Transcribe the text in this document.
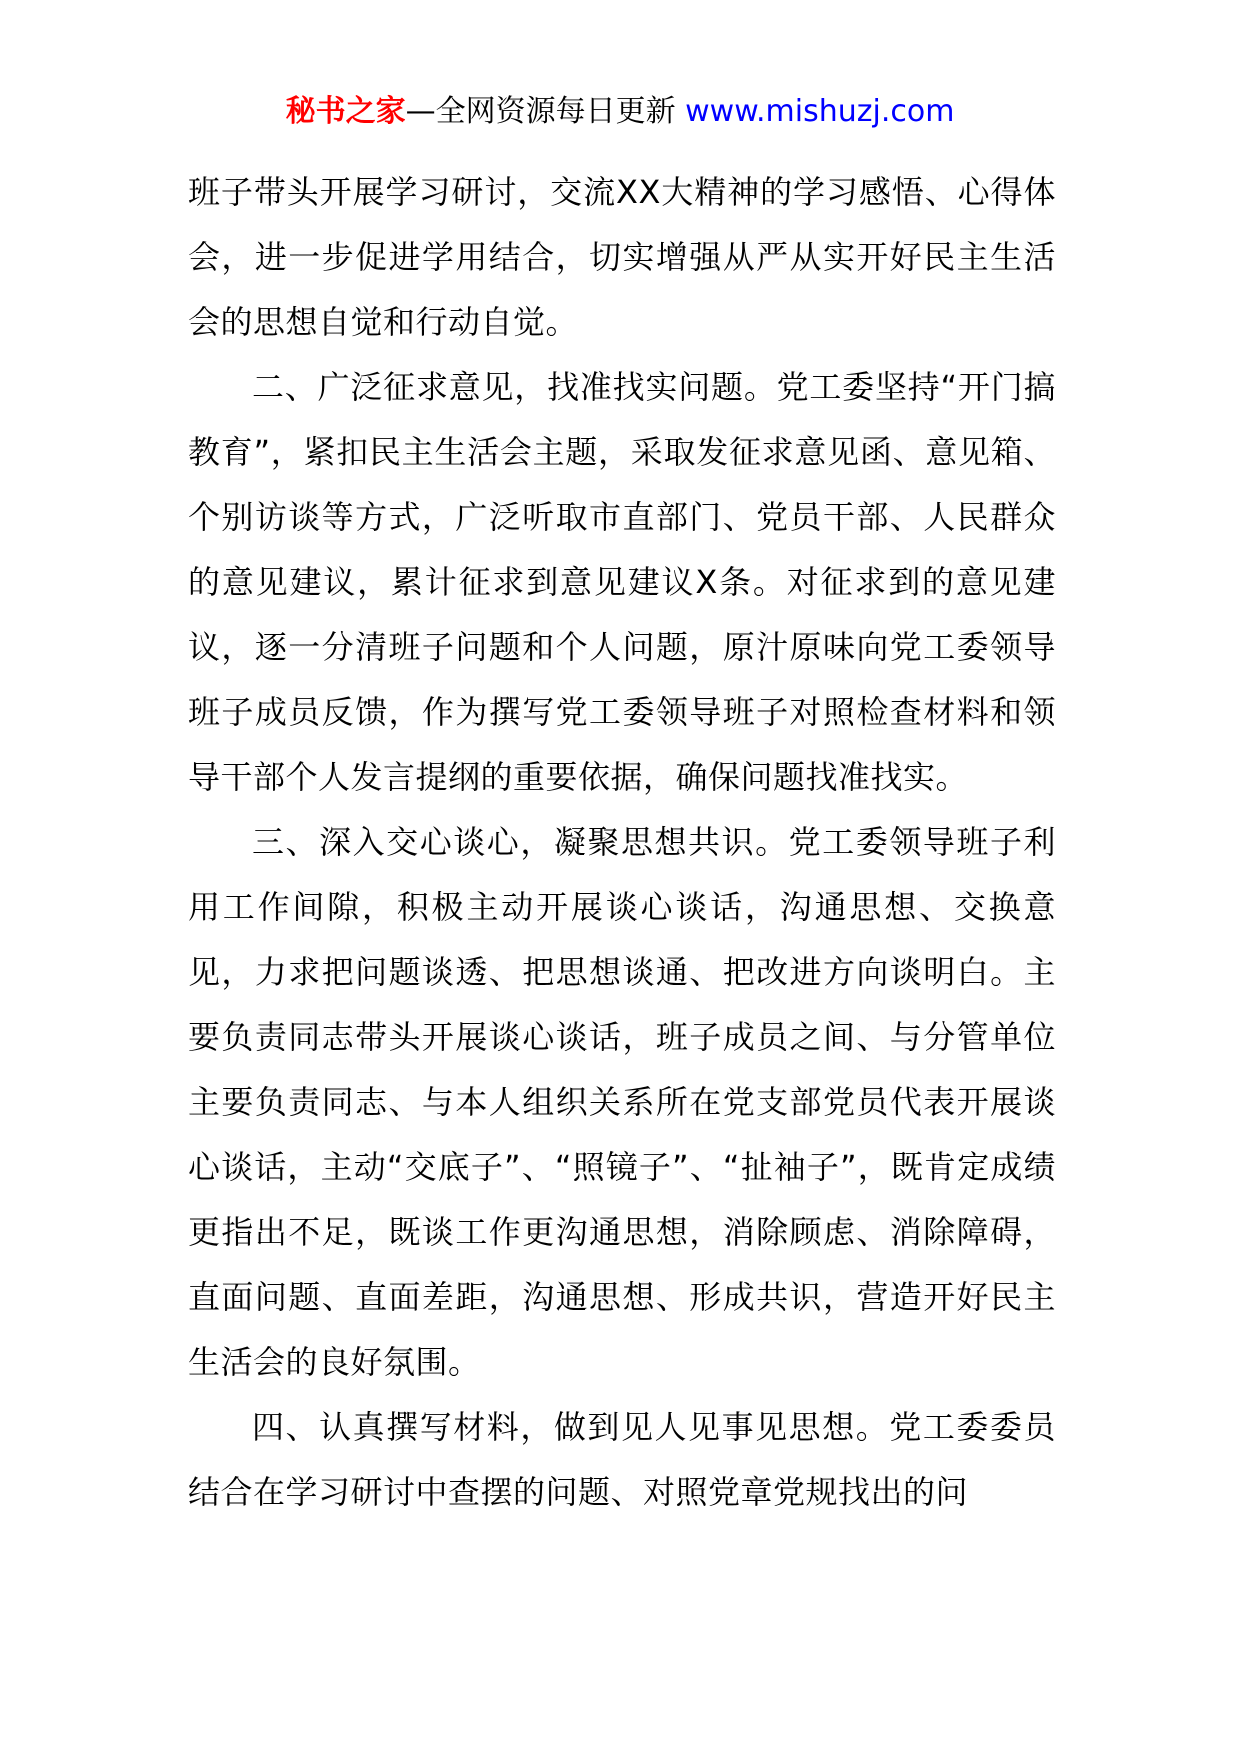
秘书之家—全网资源每日更新 www.mishuzj.com

班子带头开展学习研讨，交流XX大精神的学习感悟、心得体会，进一步促进学用结合，切实增强从严从实开好民主生活会的思想自觉和行动自觉。

二、广泛征求意见，找准找实问题。党工委坚持“开门搞教育”，紧扣民主生活会主题，采取发征求意见函、意见箱、个别访谈等方式，广泛听取市直部门、党员干部、人民群众的意见建议，累计征求到意见建议X条。对征求到的意见建议，逐一分清班子问题和个人问题，原汁原味向党工委领导班子成员反馈，作为撰写党工委领导班子对照检查材料和领导干部个人发言提纲的重要依据，确保问题找准找实。

三、深入交心谈心，凝聚思想共识。党工委领导班子利用工作间隙，积极主动开展谈心谈话，沟通思想、交换意见，力求把问题谈透、把思想谈通、把改进方向谈明白。主要负责同志带头开展谈心谈话，班子成员之间、与分管单位主要负责同志、与本人组织关系所在党支部党员代表开展谈心谈话，主动“交底子”、“照镜子”、“扯袖子”，既肯定成绩更指出不足，既谈工作更沟通思想，消除顾虑、消除障碍，直面问题、直面差距，沟通思想、形成共识，营造开好民主生活会的良好氛围。

四、认真撰写材料，做到见人见事见思想。党工委委员结合在学习研讨中查摆的问题、对照党章党规找出的问
